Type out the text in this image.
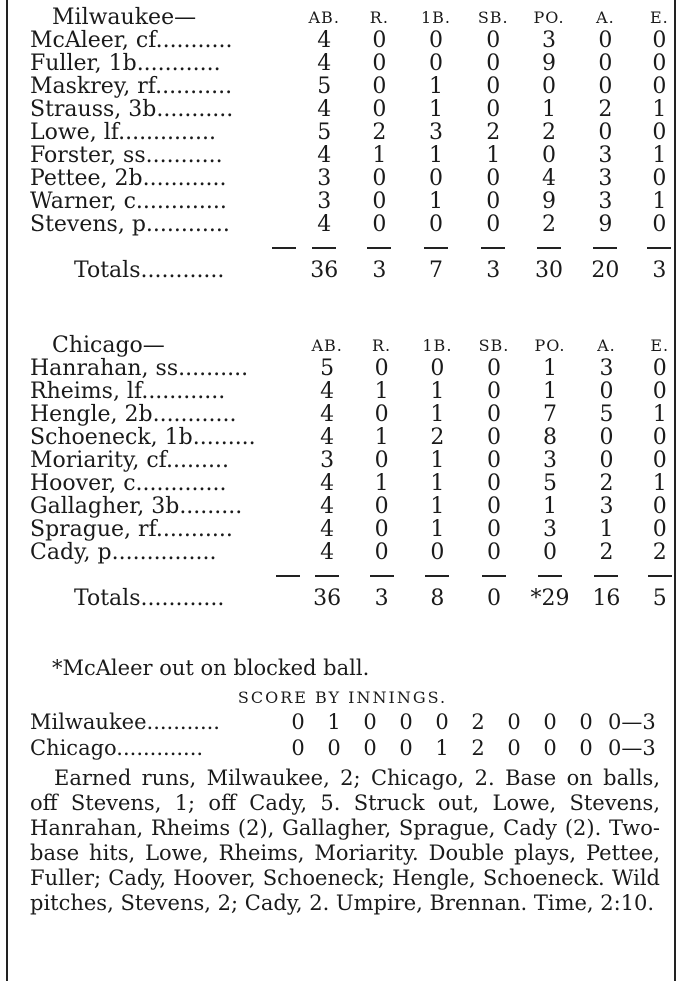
Milwaukee—	AB.	R.	1B.	SB.	PO.	A.	E.
McAleer, cf...........	4	0	0	0	3	0	0
Fuller, 1b............	4	0	0	0	9	0	0
Maskrey, rf...........	5	0	1	0	0	0	0
Strauss, 3b...........	4	0	1	0	1	2	1
Lowe, lf..............	5	2	3	2	2	0	0
Forster, ss...........	4	1	1	1	0	3	1
Pettee, 2b............	3	0	0	0	4	3	0
Warner, c.............	3	0	1	0	9	3	1
Stevens, p............	4	0	0	0	2	9	0

Totals............	36	3	7	3	30	20	3
Chicago—	AB.	R.	1B.	SB.	PO.	A.	E.
Hanrahan, ss..........	5	0	0	0	1	3	0
Rheims, lf............	4	1	1	0	1	0	0
Hengle, 2b............	4	0	1	0	7	5	1
Schoeneck, 1b.........	4	1	2	0	8	0	0
Moriarity, cf.........	3	0	1	0	3	0	0
Hoover, c.............	4	1	1	0	5	2	1
Gallagher, 3b.........	4	0	1	0	1	3	0
Sprague, rf...........	4	0	1	0	3	1	0
Cady, p...............	4	0	0	0	0	2	2

Totals............	36	3	8	0	*29	16	5
*McAleer out on blocked ball.
SCORE BY INNINGS.
Milwaukee...........	0 1 0 0 0 2 0 0 0 0—3
Chicago.............	0 0 0 0 1 2 0 0 0 0—3

Earned runs, Milwaukee, 2; Chicago, 2. Base on balls, off Stevens, 1; off Cady, 5. Struck out, Lowe, Stevens, Hanrahan, Rheims (2), Gallagher, Sprague, Cady (2). Two-base hits, Lowe, Rheims, Moriarity. Double plays, Pettee, Fuller; Cady, Hoover, Schoeneck; Hengle, Schoeneck. Wild pitches, Stevens, 2; Cady, 2. Umpire, Brennan. Time, 2:10.
